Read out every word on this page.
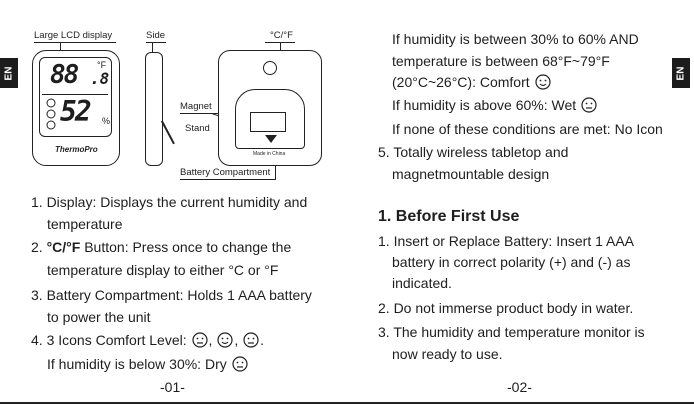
EN	EN
Large LCD display	Side	°C/°F
Magnet
Stand
Battery Compartment
88 .8
°F
52 %
ThermoPro	Made in China
1. Display: Displays the current humidity and
temperature
2. °C/°F Button: Press once to change the
temperature display to either °C or °F
3. Battery Compartment: Holds 1 AAA battery
to power the unit
4. 3 Icons Comfort Level: , , .
If humidity is below 30%: Dry
-01-
If humidity is between 30% to 60% AND
temperature is between 68°F~79°F
(20°C~26°C): Comfort
If humidity is above 60%: Wet
If none of these conditions are met: No Icon
5. Totally wireless tabletop and
magnetmountable design
1. Before First Use
1. Insert or Replace Battery: Insert 1 AAA
battery in correct polarity (+) and (-) as
indicated.
2. Do not immerse product body in water.
3. The humidity and temperature monitor is
now ready to use.
-02-
